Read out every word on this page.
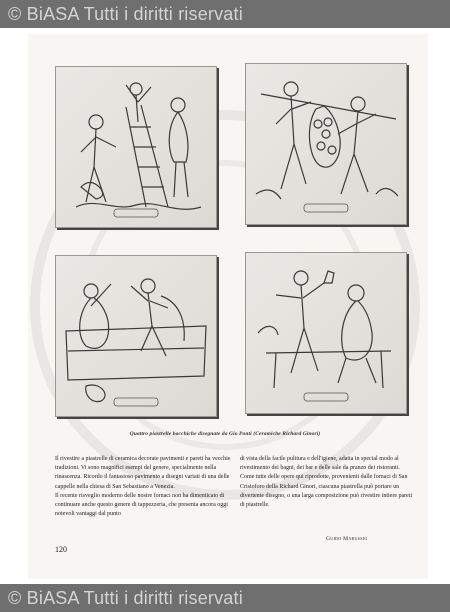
© BiASA Tutti i diritti riservati
Quattro piastrelle bacchiche disegnate da Gio Ponti (Ceramiche Richard Ginori)

Il rivestire a piastrelle di ceramica decorate pavimenti e pareti ha vecchie tradizioni. Vi sono magnifici esempi del genere, specialmente nella rinascenza. Ricordo il fantasioso pavimento a disegni variati di una delle cappelle nella chiesa di San Sebastiano a Venezia.

Il recente risveglio moderno delle nostre fornaci non ha dimenticato di continuare anche questo genere di tappezzeria, che presenta ancora oggi notevoli vantaggi dal punto

di vista della facile pulitura e dell'igiene, adatta in special modo al rivestimento dei bagni, dei bar e delle sale da pranzo dei ristoranti.

Come tutte delle opere qui riprodotte, provenienti dalle fornaci di San Cristoforo della Richard Ginori, ciascuna piastrella può portare un divertente disegno, o una larga composizione può rivestire intiere pareti di piastrelle.

Guido Marussig
120
© BiASA Tutti i diritti riservati
